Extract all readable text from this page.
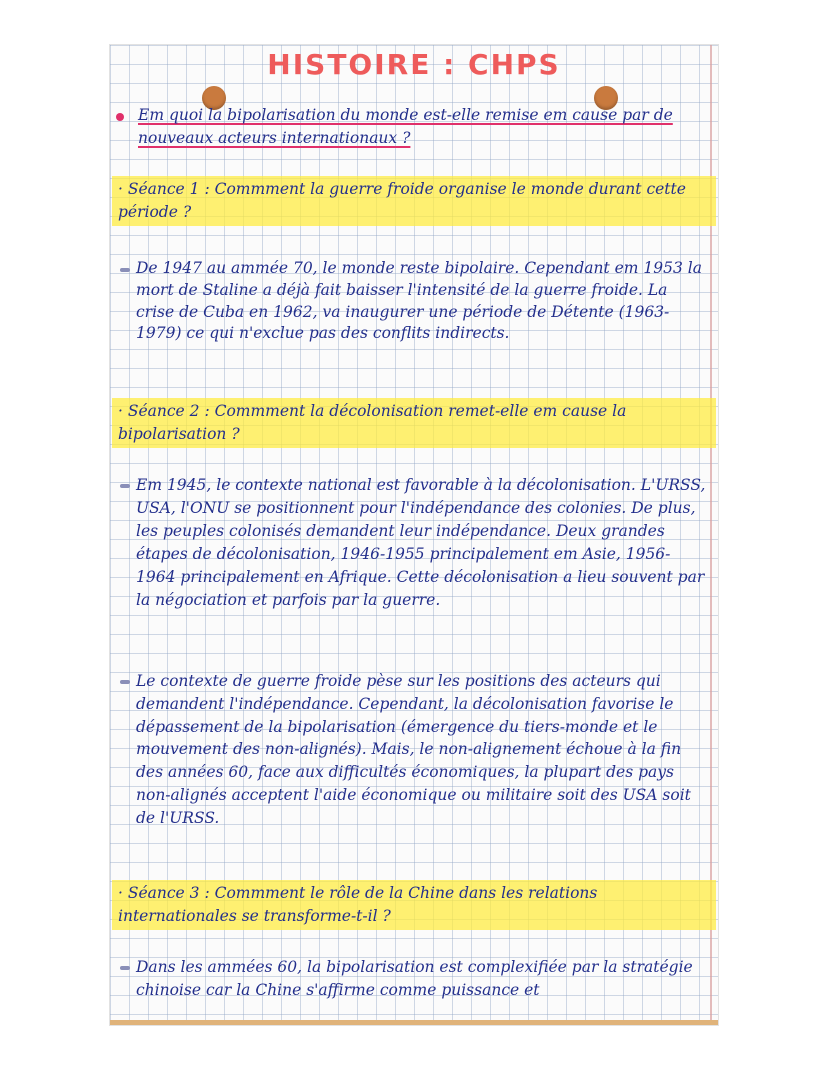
HISTOIRE : CHPS

Em quoi la bipolarisation du monde est-elle remise em cause par de nouveaux acteurs internationaux ?

· Séance 1 : Commment la guerre froide organise le monde durant cette période ?

De 1947 au ammée 70, le monde reste bipolaire. Cependant em 1953 la mort de Staline a déjà fait baisser l'intensité de la guerre froide. La crise de Cuba en 1962, va inaugurer une période de Détente (1963-1979) ce qui n'exclue pas des conflits indirects.

· Séance 2 : Commment la décolonisation remet-elle em cause la bipolarisation ?

Em 1945, le contexte national est favorable à la décolonisation. L'URSS, USA, l'ONU se positionnent pour l'indépendance des colonies. De plus, les peuples colonisés demandent leur indépendance. Deux grandes étapes de décolonisation, 1946-1955 principalement em Asie, 1956-1964 principalement en Afrique. Cette décolonisation a lieu souvent par la négociation et parfois par la guerre.

Le contexte de guerre froide pèse sur les positions des acteurs qui demandent l'indépendance. Cependant, la décolonisation favorise le dépassement de la bipolarisation (émergence du tiers-monde et le mouvement des non-alignés). Mais, le non-alignement échoue à la fin des années 60, face aux difficultés économiques, la plupart des pays non-alignés acceptent l'aide économique ou militaire soit des USA soit de l'URSS.

· Séance 3 : Commment le rôle de la Chine dans les relations internationales se transforme-t-il ?

Dans les ammées 60, la bipolarisation est complexifiée par la stratégie chinoise car la Chine s'affirme comme puissance et
